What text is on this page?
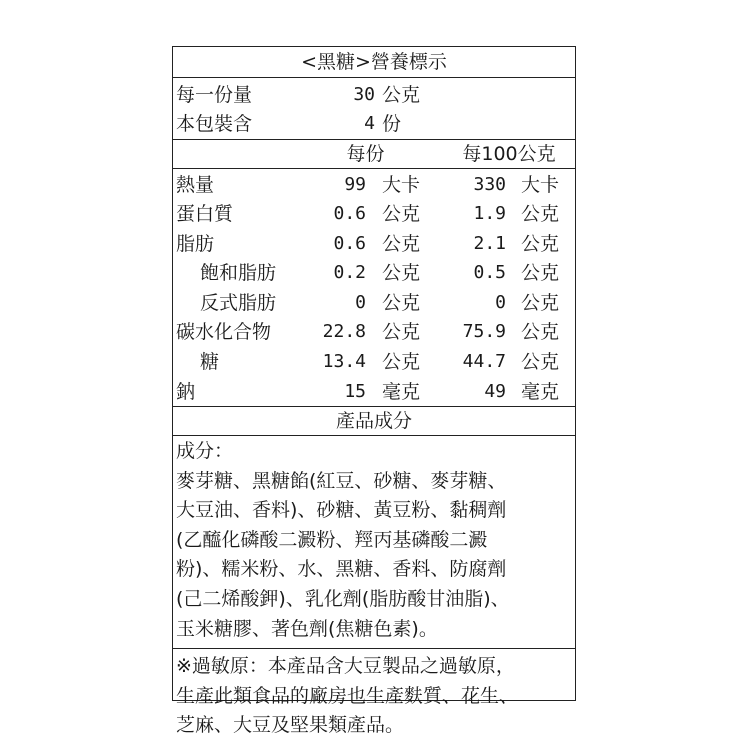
<黑糖>營養標示
每一份量	30 公克
本包裝含	4 份
每份	每100公克
熱量	99 大卡	330 大卡
蛋白質	0.6 公克	1.9 公克
脂肪	0.6 公克	2.1 公克
飽和脂肪	0.2 公克	0.5 公克
反式脂肪	0 公克	0 公克
碳水化合物	22.8 公克	75.9 公克
糖	13.4 公克	44.7 公克
鈉	15 毫克	49 毫克
產品成分
成分：
麥芽糖、黑糖餡(紅豆、砂糖、麥芽糖、
大豆油、香料)、砂糖、黃豆粉、黏稠劑
(乙醯化磷酸二澱粉、羥丙基磷酸二澱
粉)、糯米粉、水、黑糖、香料、防腐劑
(己二烯酸鉀)、乳化劑(脂肪酸甘油脂)、
玉米糖膠、著色劑(焦糖色素)。
※過敏原：本產品含大豆製品之過敏原，
生產此類食品的廠房也生產麩質、花生、
芝麻、大豆及堅果類產品。
